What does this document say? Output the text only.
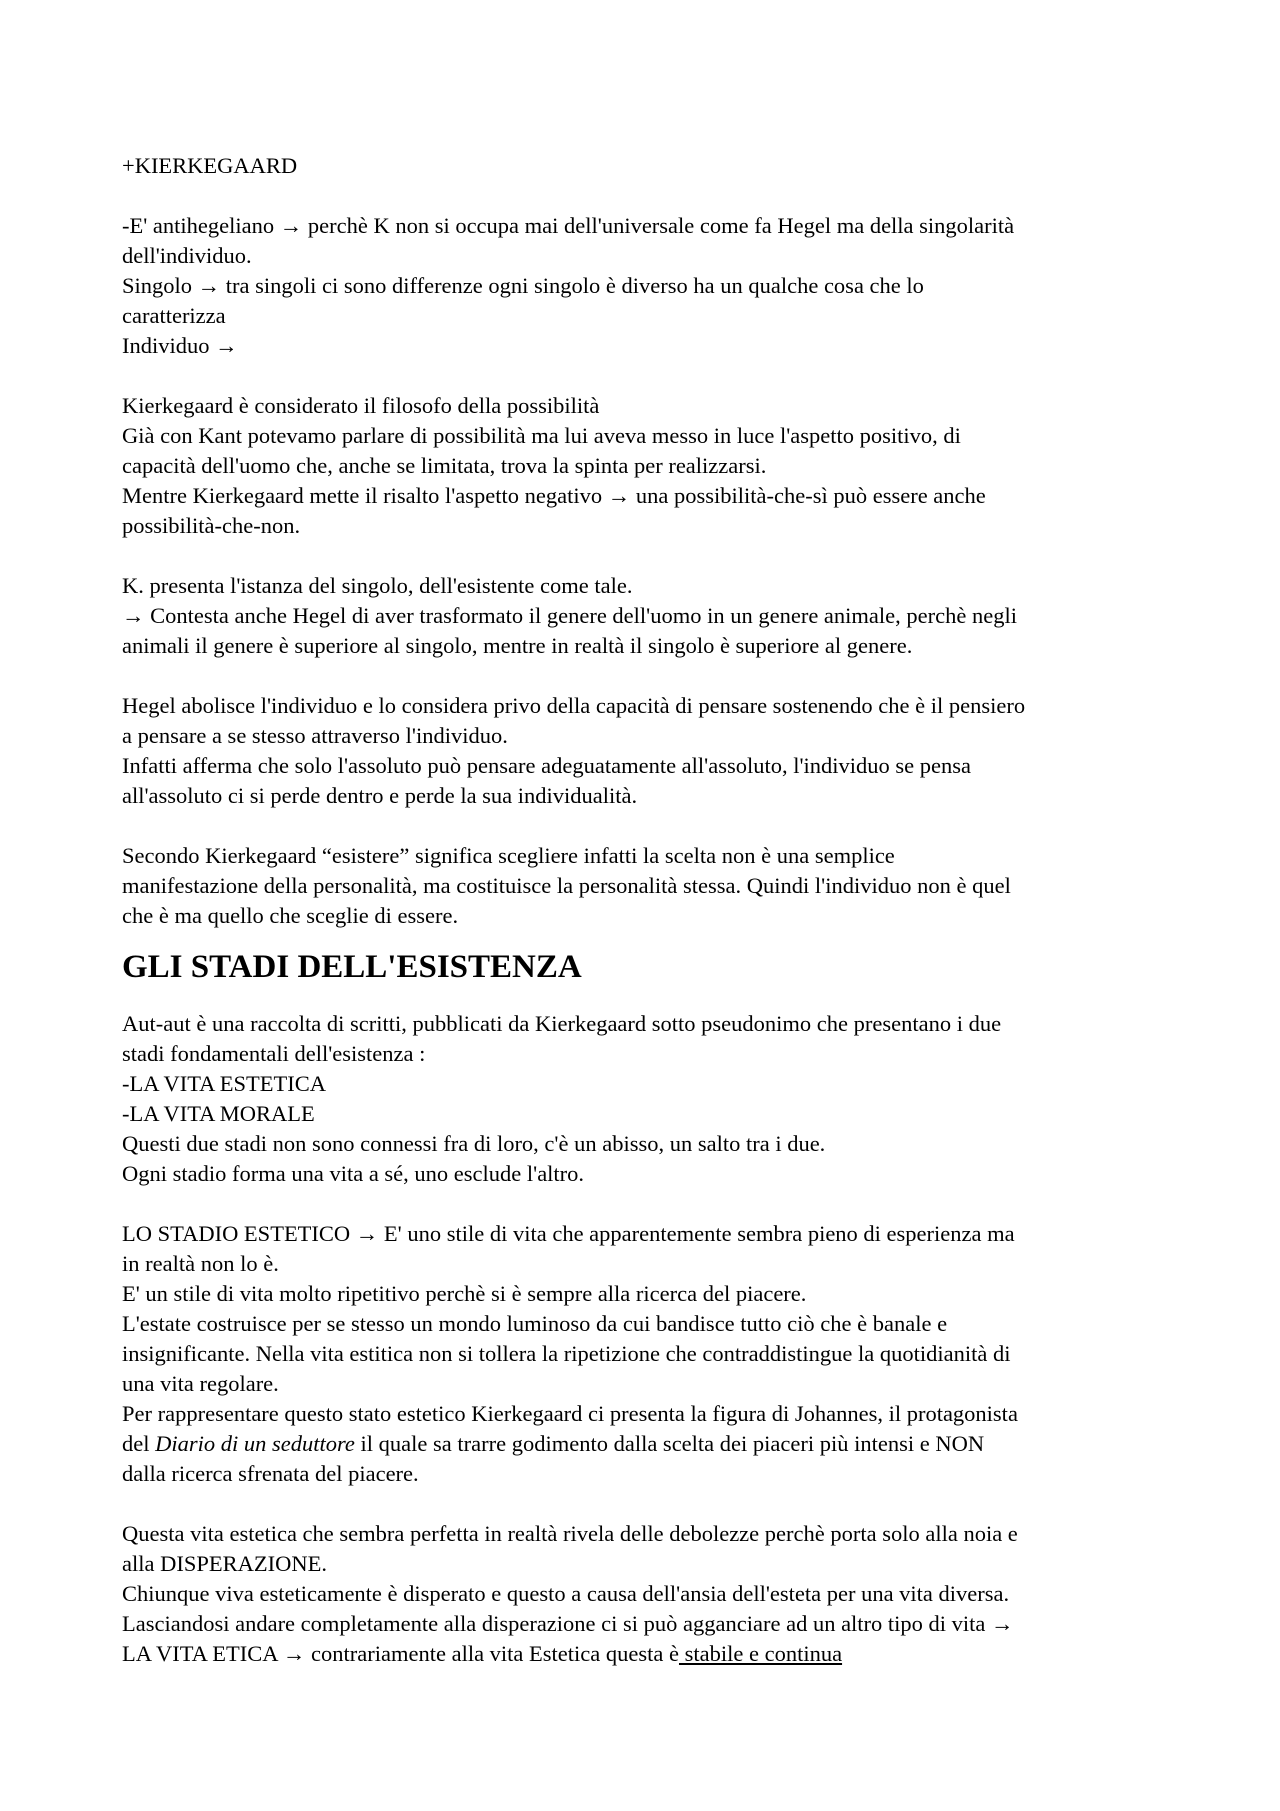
+KIERKEGAARD
-E' antihegeliano → perchè K non si occupa mai dell'universale come fa Hegel ma della singolarità
dell'individuo.
Singolo → tra singoli ci sono differenze ogni singolo è diverso ha un qualche cosa che lo
caratterizza
Individuo →
Kierkegaard è considerato il filosofo della possibilità
Già con Kant potevamo parlare di possibilità ma lui aveva messo in luce l'aspetto positivo, di
capacità dell'uomo che, anche se limitata, trova la spinta per realizzarsi.
Mentre Kierkegaard mette il risalto l'aspetto negativo → una possibilità-che-sì può essere anche
possibilità-che-non.
K. presenta l'istanza del singolo, dell'esistente come tale.
→ Contesta anche Hegel di aver trasformato il genere dell'uomo in un genere animale, perchè negli
animali il genere è superiore al singolo, mentre in realtà il singolo è superiore al genere.
Hegel abolisce l'individuo e lo considera privo della capacità di pensare sostenendo che è il pensiero
a pensare a se stesso attraverso l'individuo.
Infatti afferma che solo l'assoluto può pensare adeguatamente all'assoluto, l'individuo se pensa
all'assoluto ci si perde dentro e perde la sua individualità.
Secondo Kierkegaard “esistere” significa scegliere infatti la scelta non è una semplice
manifestazione della personalità, ma costituisce la personalità stessa. Quindi l'individuo non è quel
che è ma quello che sceglie di essere.
GLI STADI DELL'ESISTENZA
Aut-aut è una raccolta di scritti, pubblicati da Kierkegaard sotto pseudonimo che presentano i due
stadi fondamentali dell'esistenza :
-LA VITA ESTETICA
-LA VITA MORALE
Questi due stadi non sono connessi fra di loro, c'è un abisso, un salto tra i due.
Ogni stadio forma una vita a sé, uno esclude l'altro.
LO STADIO ESTETICO → E' uno stile di vita che apparentemente sembra pieno di esperienza ma
in realtà non lo è.
E' un stile di vita molto ripetitivo perchè si è sempre alla ricerca del piacere.
L'estate costruisce per se stesso un mondo luminoso da cui bandisce tutto ciò che è banale e
insignificante. Nella vita estitica non si tollera la ripetizione che contraddistingue la quotidianità di
una vita regolare.
Per rappresentare questo stato estetico Kierkegaard ci presenta la figura di Johannes, il protagonista
del Diario di un seduttore il quale sa trarre godimento dalla scelta dei piaceri più intensi e NON
dalla ricerca sfrenata del piacere.
Questa vita estetica che sembra perfetta in realtà rivela delle debolezze perchè porta solo alla noia e
alla DISPERAZIONE.
Chiunque viva esteticamente è disperato e questo a causa dell'ansia dell'esteta per una vita diversa.
Lasciandosi andare completamente alla disperazione ci si può agganciare ad un altro tipo di vita →
LA VITA ETICA → contrariamente alla vita Estetica questa è stabile e continua
